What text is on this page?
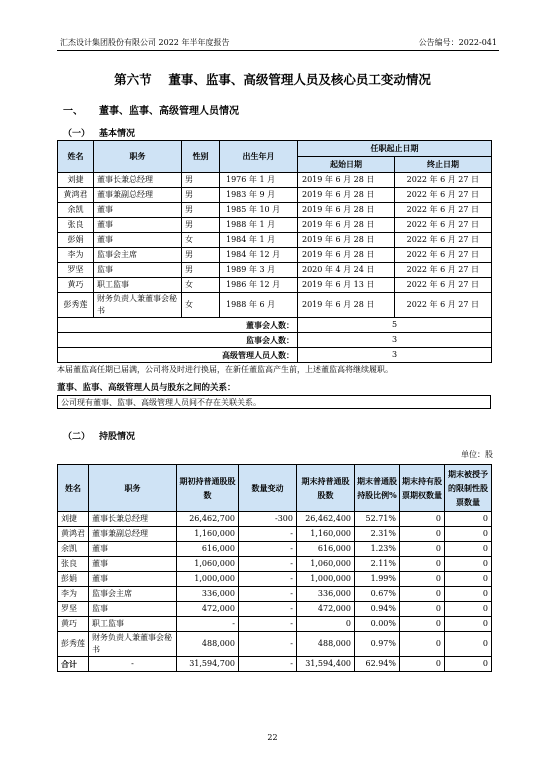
汇杰设计集团股份有限公司 2022 年半年度报告	公告编号：2022-041
第六节　 董事、监事、高级管理人员及核心员工变动情况
一、 董事、监事、高级管理人员情况
（一） 基本情况
姓名	职务	性别	出生年月	任职起止日期	
				起始日期	终止日期
刘捷	董事长兼总经理	男	1976 年 1 月	2019 年 6 月 28 日	2022 年 6 月 27 日
黄鸿君	董事兼副总经理	男	1983 年 9 月	2019 年 6 月 28 日	2022 年 6 月 27 日
余凯	董事	男	1985 年 10 月	2019 年 6 月 28 日	2022 年 6 月 27 日
张良	董事	男	1988 年 1 月	2019 年 6 月 28 日	2022 年 6 月 27 日
彭娟	董事	女	1984 年 1 月	2019 年 6 月 28 日	2022 年 6 月 27 日
李为	监事会主席	男	1984 年 12 月	2019 年 6 月 28 日	2022 年 6 月 27 日
罗坚	监事	男	1989 年 3 月	2020 年 4 月 24 日	2022 年 6 月 27 日
黄巧	职工监事	女	1986 年 12 月	2019 年 6 月 13 日	2022 年 6 月 27 日
彭秀莲	财务负责人兼董事会秘书	女	1988 年 6 月	2019 年 6 月 28 日	2022 年 6 月 27 日
董事会人数：				5	
监事会人数：				3	
高级管理人员人数：				3	
本届董监高任期已届满，公司将及时进行换届，在新任董监高产生前，上述董监高将继续履职。
董事、监事、高级管理人员与股东之间的关系：
公司现有董事、监事、高级管理人员间不存在关联关系。
（二） 持股情况
单位：股
姓名	职务	期初持普通股股数	数量变动	期末持普通股股数	期末普通股持股比例%	期末持有股票期权数量	期末被授予的限制性股票数量
刘捷	董事长兼总经理	26,462,700	-300	26,462,400	52.71%	0	0
黄鸿君	董事兼副总经理	1,160,000	-	1,160,000	2.31%	0	0
余凯	董事	616,000	-	616,000	1.23%	0	0
张良	董事	1,060,000	-	1,060,000	2.11%	0	0
彭娟	董事	1,000,000	-	1,000,000	1.99%	0	0
李为	监事会主席	336,000	-	336,000	0.67%	0	0
罗坚	监事	472,000	-	472,000	0.94%	0	0
黄巧	职工监事	-	-	0	0.00%	0	0
彭秀莲	财务负责人兼董事会秘书	488,000	-	488,000	0.97%	0	0
合计	-	31,594,700	-	31,594,400	62.94%	0	0
22
